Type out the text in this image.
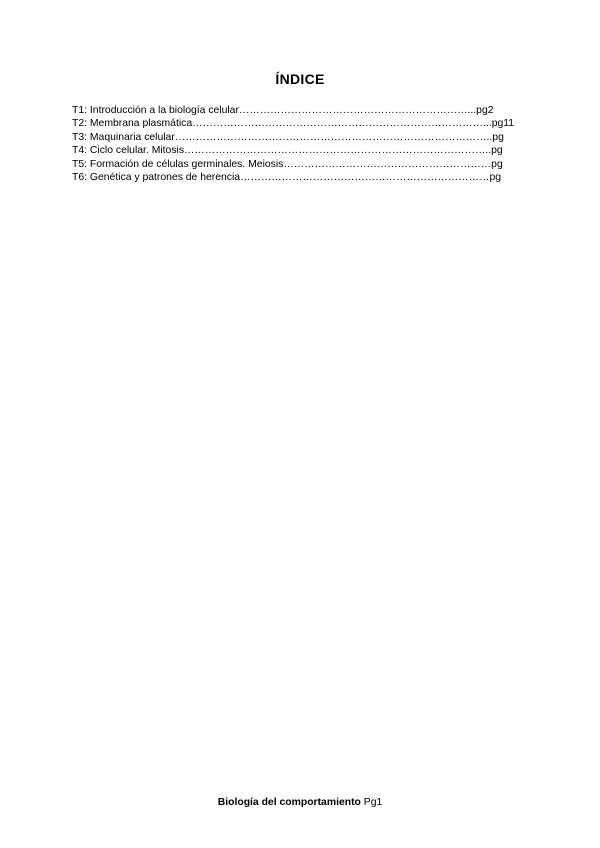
ÍNDICE
T1: Introducción a la biología celular…………………………………………………………...pg2
T2: Membrana plasmática…………………………………………………………………………...pg11
T3: Maquinaria celular………………………………………………………………………………..pg
T4: Ciclo celular. Mitosis……………………………………………………………………………..pg
T5: Formación de células germinales. Meiosis……………………………………………………pg
T6: Genética y patrones de herencia………………………………………………………………pg
Biología del comportamiento Pg1
